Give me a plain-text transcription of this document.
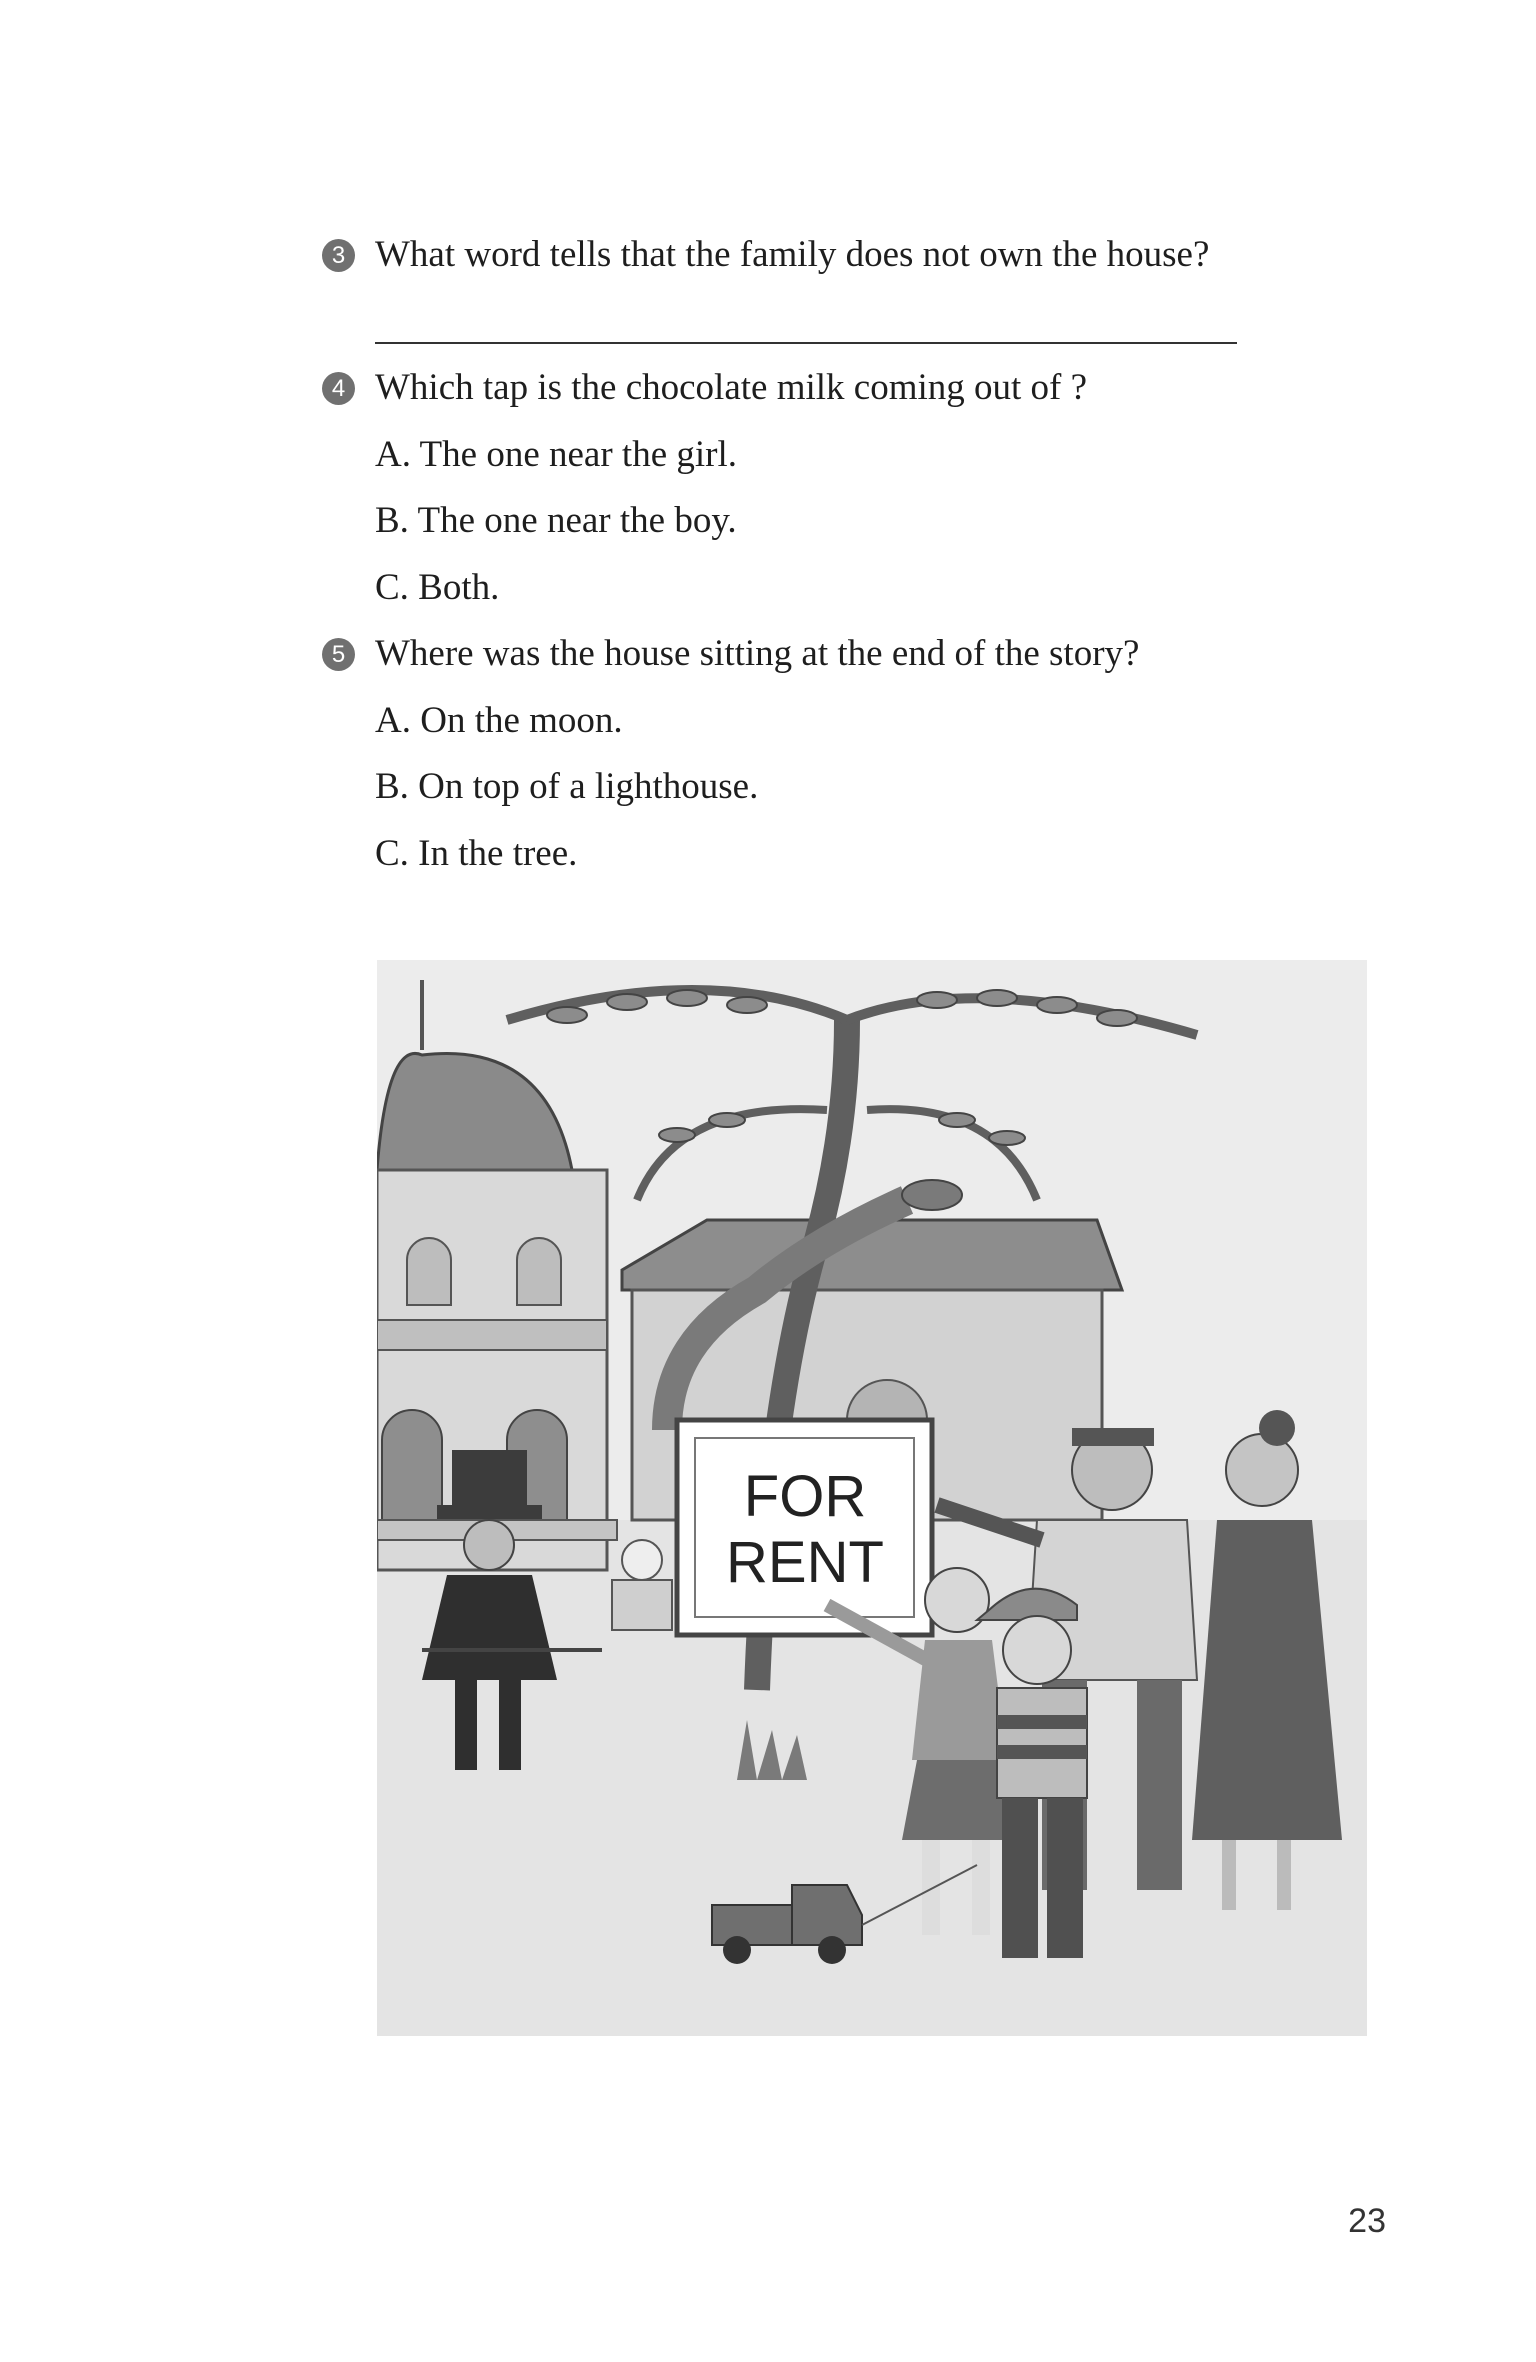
3 What word tells that the family does not own the house?
4 Which tap is the chocolate milk coming out of ?
A. The one near the girl.
B. The one near the boy.
C. Both.
5 Where was the house sitting at the end of the story?
A. On the moon.
B. On top of a lighthouse.
C. In the tree.
FOR
RENT
23
